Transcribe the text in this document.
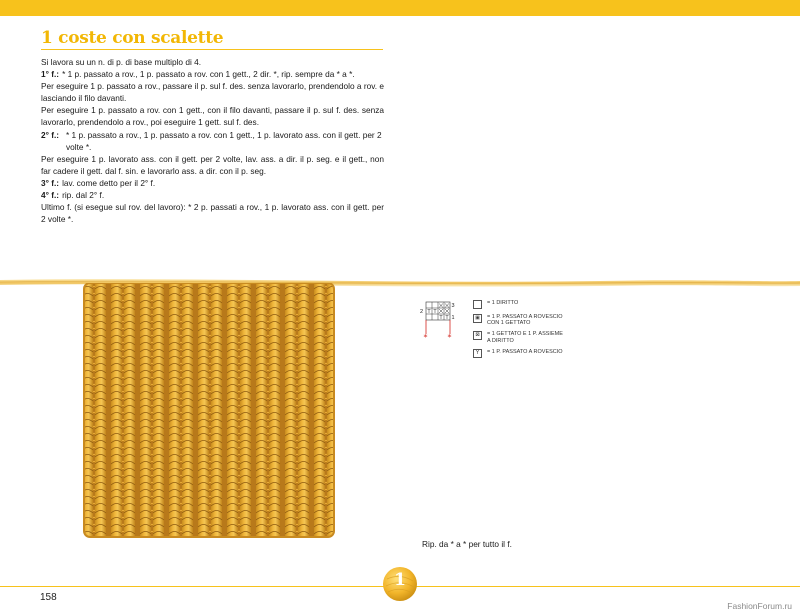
1 coste con scalette

Si lavora su un n. di p. di base multiplo di 4.

1° f.: * 1 p. passato a rov., 1 p. passato a rov. con 1 gett., 2 dir. *, rip. sempre da * a *.

Per eseguire 1 p. passato a rov., passare il p. sul f. des. senza lavorarlo, prendendolo a rov. e lasciando il filo davanti.

Per eseguire 1 p. passato a rov. con 1 gett., con il filo davanti, passare il p. sul f. des. senza lavorarlo, prendendolo a rov., poi eseguire 1 gett. sul f. des.

2° f.: * 1 p. passato a rov., 1 p. passato a rov. con 1 gett., 1 p. lavorato ass. con il gett. per 2 volte *.

Per eseguire 1 p. lavorato ass. con il gett. per 2 volte, lav. ass. a dir. il p. seg. e il gett., non far cadere il gett. dal f. sin. e lavorarlo ass. a dir. con il p. seg.

3° f.: lav. come detto per il 2° f.
4° f.: rip. dal 2° f.

Ultimo f. (si esegue sul rov. del lavoro): * 2 p. passati a rov., 1 p. lavorato ass. con il gett. per 2 volte *.

3
2
1
*	*
= 1 DIRITTO
▣	= 1 P. PASSATO A ROVESCIO
CON 1 GETTATO
⊠	= 1 GETTATO E 1 P. ASSIEME
A DIRITTO
Y	= 1 P. PASSATO A ROVESCIO
Rip. da * a * per tutto il f.
1
158
FashionForum.ru
